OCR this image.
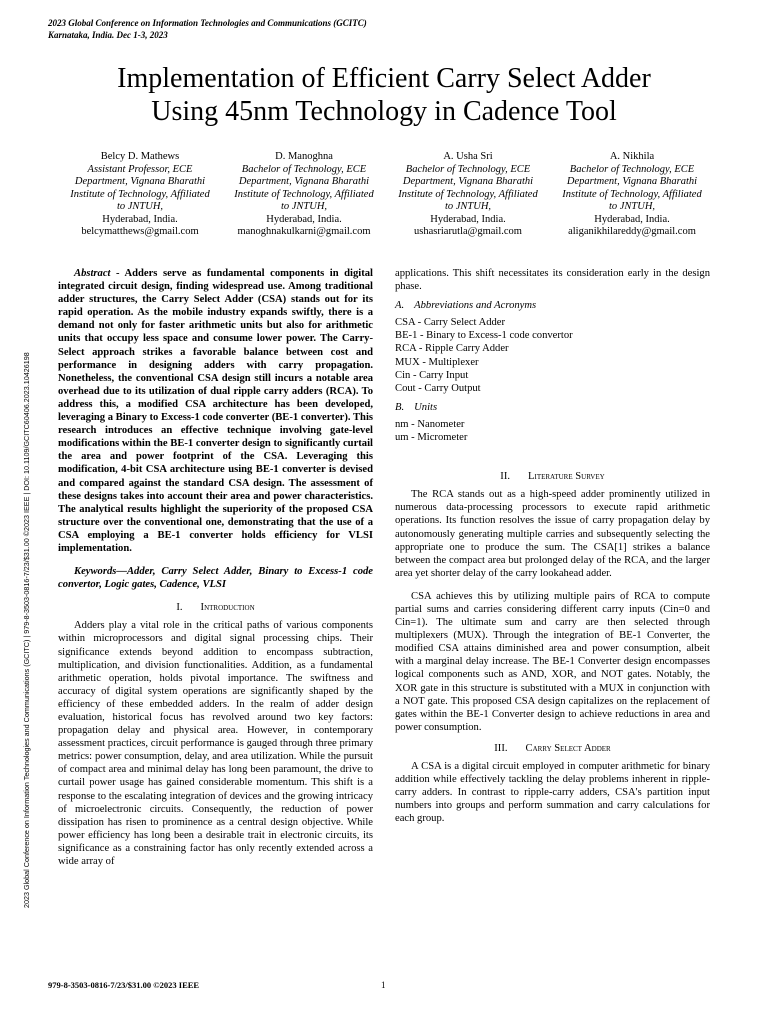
2023 Global Conference on Information Technologies and Communications (GCITC)
Karnataka, India. Dec 1-3, 2023
Implementation of Efficient Carry Select Adder
Using 45nm Technology in Cadence Tool
Belcy D. Mathews
Assistant Professor, ECE
Department, Vignana Bharathi
Institute of Technology, Affiliated
to JNTUH,
Hyderabad, India.
belcymatthews@gmail.com
D. Manoghna
Bachelor of Technology, ECE
Department, Vignana Bharathi
Institute of Technology, Affiliated
to JNTUH,
Hyderabad, India.
manoghnakulkarni@gmail.com
A. Usha Sri
Bachelor of Technology, ECE
Department, Vignana Bharathi
Institute of Technology, Affiliated
to JNTUH,
Hyderabad, India.
ushasriarutla@gmail.com
A. Nikhila
Bachelor of Technology, ECE
Department, Vignana Bharathi
Institute of Technology, Affiliated
to JNTUH,
Hyderabad, India.
aliganikhilareddy@gmail.com

Abstract - Adders serve as fundamental components in digital integrated circuit design, finding widespread use. Among traditional adder structures, the Carry Select Adder (CSA) stands out for its rapid operation. As the mobile industry expands swiftly, there is a demand not only for faster arithmetic units but also for arithmetic units that occupy less space and consume lower power. The Carry-Select approach strikes a favorable balance between cost and performance in designing adders with carry propagation. Nonetheless, the conventional CSA design still incurs a notable area overhead due to its utilization of dual ripple carry adders (RCA). To address this, a modified CSA architecture has been developed, leveraging a Binary to Excess-1 code converter (BE-1 converter). This research introduces an effective technique involving gate-level modifications within the BE-1 converter design to significantly curtail the area and power footprint of the CSA. Leveraging this modification, 4-bit CSA architecture using BE-1 converter is devised and compared against the standard CSA design. The assessment of these designs takes into account their area and power characteristics. The analytical results highlight the superiority of the proposed CSA structure over the conventional one, demonstrating that the use of a CSA employing a BE-1 converter holds efficiency for VLSI implementation.

Keywords—Adder, Carry Select Adder, Binary to Excess-1 code convertor, Logic gates, Cadence, VLSI

I. Introduction

Adders play a vital role in the critical paths of various components within microprocessors and digital signal processing chips. Their significance extends beyond addition to encompass subtraction, multiplication, and division functionalities. Addition, as a fundamental arithmetic operation, holds pivotal importance. The swiftness and accuracy of digital system operations are significantly shaped by the efficiency of these embedded adders. In the realm of adder design evaluation, historical focus has revolved around two key factors: propagation delay and physical area. However, in contemporary assessment practices, circuit performance is gauged through three primary metrics: power consumption, delay, and area utilization. While the pursuit of compact area and minimal delay has long been paramount, the drive to curtail power usage has gained considerable momentum. This shift is a response to the escalating integration of devices and the growing intricacy of microelectronic circuits. Consequently, the reduction of power dissipation has risen to prominence as a central design objective. While power efficiency has long been a desirable trait in electronic circuits, its significance as a constraining factor has only recently extended across a wide array of

applications. This shift necessitates its consideration early in the design phase.

A. Abbreviations and Acronyms
CSA - Carry Select Adder
BE-1 - Binary to Excess-1 code convertor
RCA - Ripple Carry Adder
MUX - Multiplexer
Cin - Carry Input
Cout - Carry Output
B. Units
nm - Nanometer
um - Micrometer
II. Literature Survey

The RCA stands out as a high-speed adder prominently utilized in numerous data-processing processors to execute rapid arithmetic operations. Its function resolves the issue of carry propagation delay by autonomously generating multiple carries and subsequently selecting the appropriate one to produce the sum. The CSA[1] strikes a balance between the compact area but prolonged delay of the RCA, and the larger area yet shorter delay of the carry lookahead adder.

CSA achieves this by utilizing multiple pairs of RCA to compute partial sums and carries considering different carry inputs (Cin=0 and Cin=1). The ultimate sum and carry are then selected through multiplexers (MUX). Through the integration of BE-1 Converter, the modified CSA attains diminished area and power consumption, albeit with a marginal delay increase. The BE-1 Converter design encompasses logical components such as AND, XOR, and NOT gates. Notably, the XOR gate in this structure is substituted with a MUX in conjunction with a NOT gate. This proposed CSA design capitalizes on the replacement of gates within the BE-1 Converter design to achieve reductions in area and power consumption.

III. Carry Select Adder

A CSA is a digital circuit employed in computer arithmetic for binary addition while effectively tackling the delay problems inherent in ripple-carry adders. In contrast to ripple-carry adders, CSA's partition input numbers into groups and perform summation and carry calculations for each group.

2023 Global Conference on Information Technologies and Communications (GCITC) | 979-8-3503-0816-7/23/$31.00 ©2023 IEEE | DOI: 10.1109/GCITC60406.2023.10426198
979-8-3503-0816-7/23/$31.00 ©2023 IEEE	1
